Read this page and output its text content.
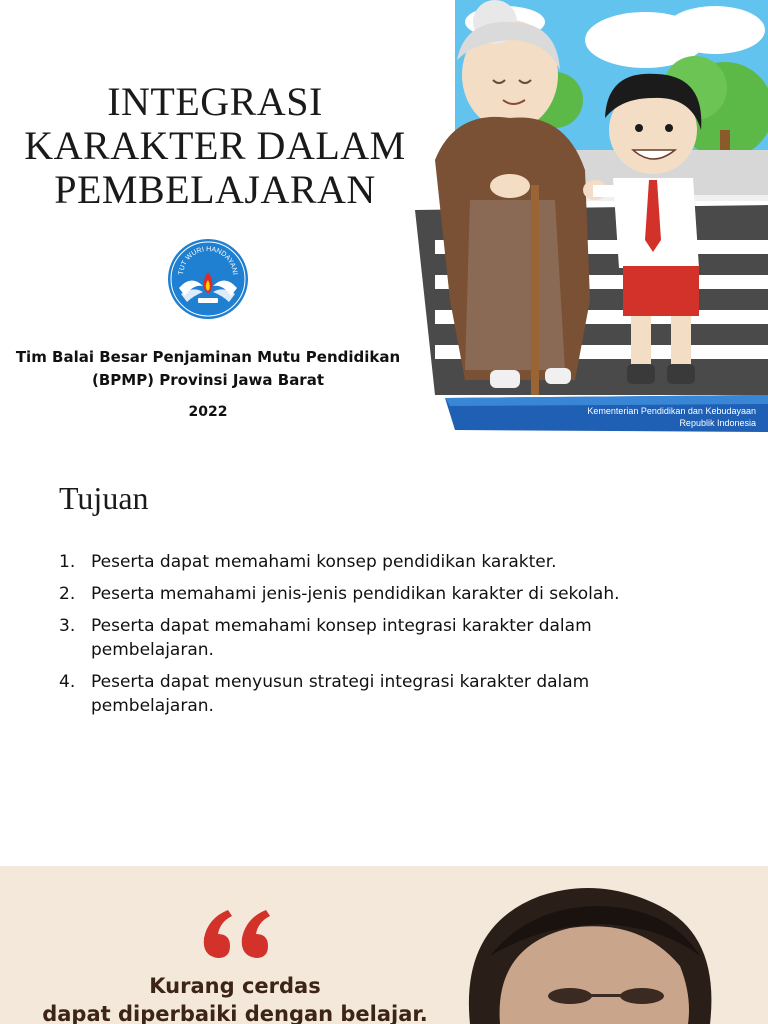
INTEGRASI
KARAKTER DALAM
PEMBELAJARAN
TUT WURI HANDAYANI
Tim Balai Besar Penjaminan Mutu Pendidikan
(BPMP) Provinsi Jawa Barat
2022	Kementerian Pendidikan dan Kebudayaan
Republik Indonesia
Tujuan
1. Peserta dapat memahami konsep pendidikan karakter.
2. Peserta memahami jenis-jenis pendidikan karakter di sekolah.
3. Peserta dapat memahami konsep integrasi karakter dalam pembelajaran.
4. Peserta dapat menyusun strategi integrasi karakter dalam pembelajaran.
Kurang cerdas
dapat diperbaiki dengan belajar.
